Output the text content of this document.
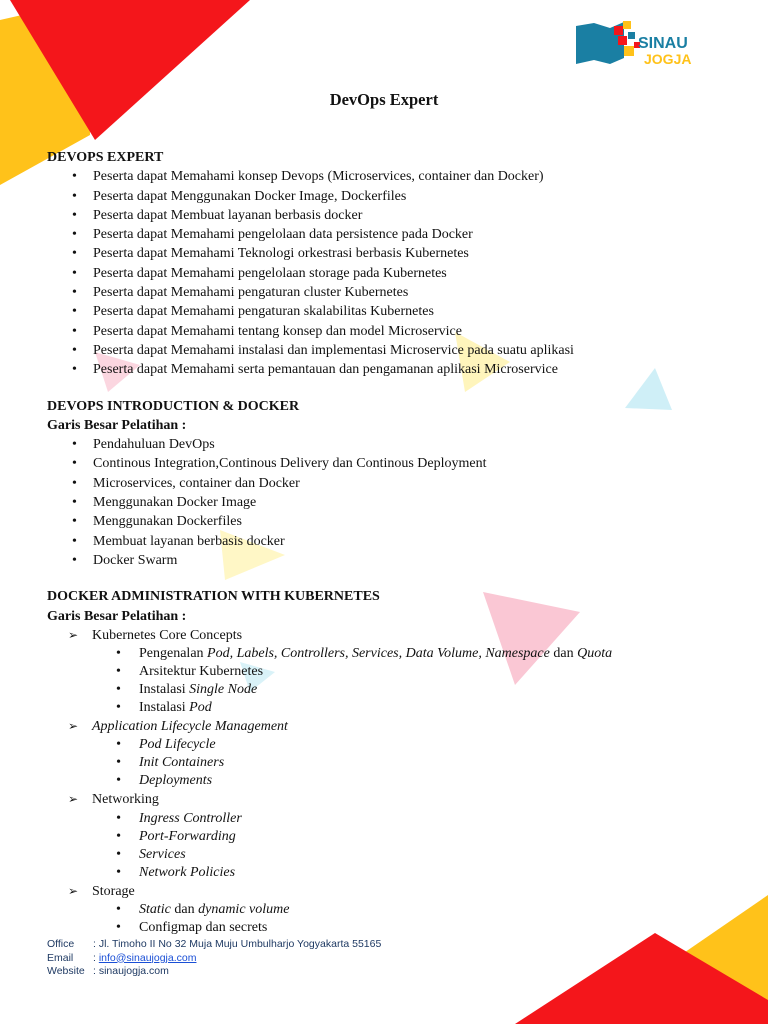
SINAU
JOGJA
DevOps Expert

DEVOPS EXPERT

• Peserta dapat Memahami konsep Devops (Microservices, container dan Docker)
• Peserta dapat Menggunakan Docker Image, Dockerfiles
• Peserta dapat Membuat layanan berbasis docker
• Peserta dapat Memahami pengelolaan data persistence pada Docker
• Peserta dapat Memahami Teknologi orkestrasi berbasis Kubernetes
• Peserta dapat Memahami pengelolaan storage pada Kubernetes
• Peserta dapat Memahami pengaturan cluster Kubernetes
• Peserta dapat Memahami pengaturan skalabilitas Kubernetes
• Peserta dapat Memahami tentang konsep dan model Microservice
• Peserta dapat Memahami instalasi dan implementasi Microservice pada suatu aplikasi
• Peserta dapat Memahami serta pemantauan dan pengamanan aplikasi Microservice

DEVOPS INTRODUCTION & DOCKER

Garis Besar Pelatihan :

• Pendahuluan DevOps
• Continous Integration,Continous Delivery dan Continous Deployment
• Microservices, container dan Docker
• Menggunakan Docker Image
• Menggunakan Dockerfiles
• Membuat layanan berbasis docker
• Docker Swarm

DOCKER ADMINISTRATION WITH KUBERNETES

Garis Besar Pelatihan :

➢ Kubernetes Core Concepts
• Pengenalan Pod, Labels, Controllers, Services, Data Volume, Namespace dan Quota
• Arsitektur Kubernetes
• Instalasi Single Node
• Instalasi Pod
➢ Application Lifecycle Management
• Pod Lifecycle
• Init Containers
• Deployments
➢ Networking
• Ingress Controller
• Port-Forwarding
• Services
• Network Policies
➢ Storage
• Static dan dynamic volume
• Configmap dan secrets
Office : Jl. Timoho II No 32 Muja Muju Umbulharjo Yogyakarta 55165
Email : info@sinaujogja.com
Website : sinaujogja.com
